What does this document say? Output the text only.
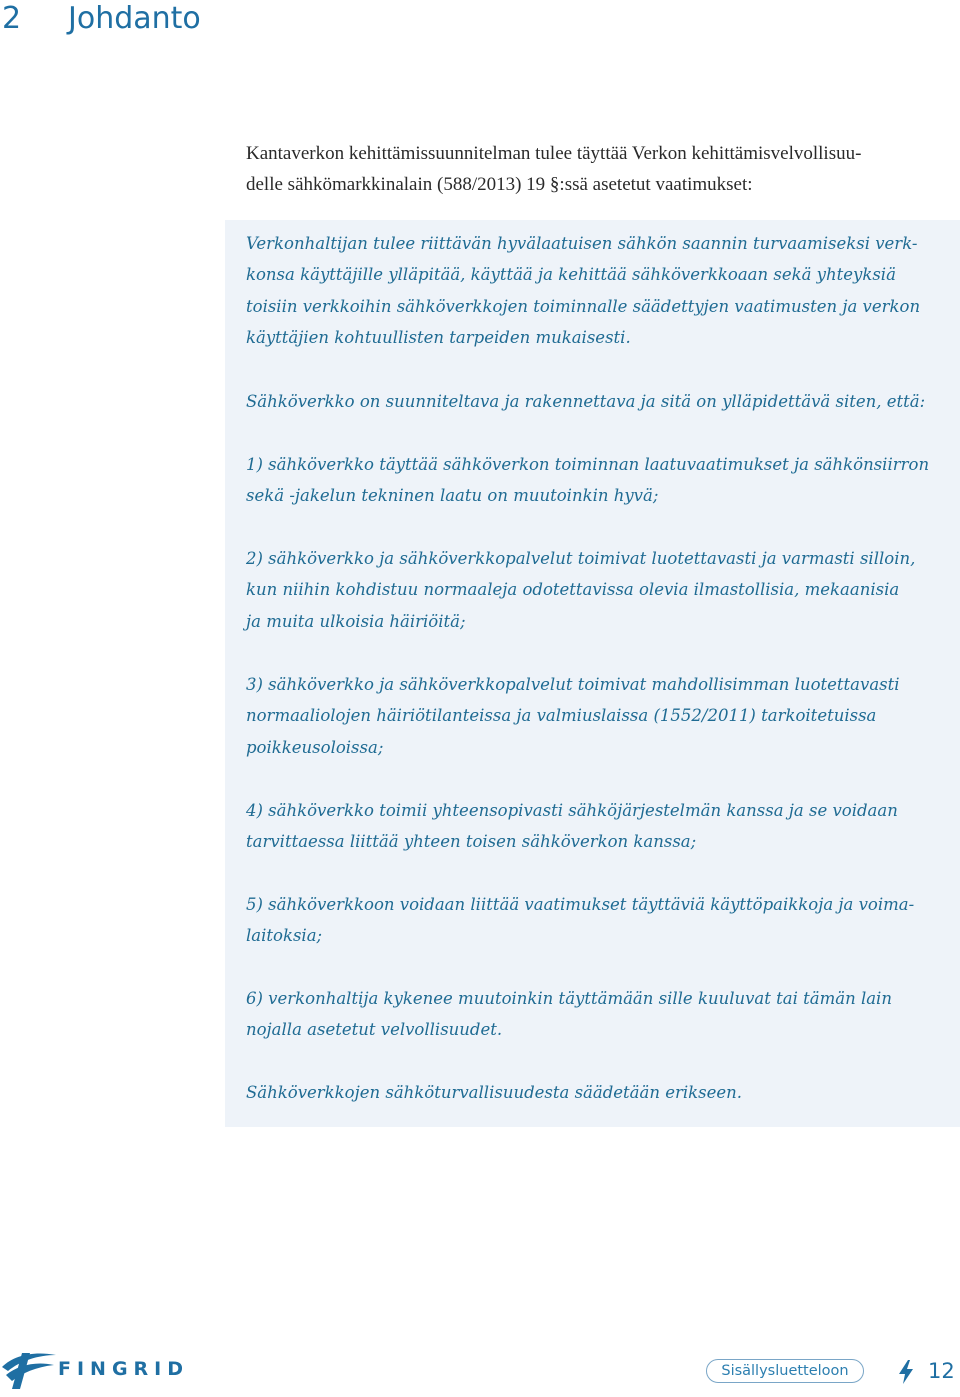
2 Johdanto

Kantaverkon kehittämissuunnitelman tulee täyttää Verkon kehittämisvelvollisuu-
delle sähkömarkkinalain (588/2013) 19 §:ssä asetetut vaatimukset:

Verkonhaltijan tulee riittävän hyvälaatuisen sähkön saannin turvaamiseksi verk-
konsa käyttäjille ylläpitää, käyttää ja kehittää sähköverkkoaan sekä yhteyksiä
toisiin verkkoihin sähköverkkojen toiminnalle säädettyjen vaatimusten ja verkon
käyttäjien kohtuullisten tarpeiden mukaisesti.

Sähköverkko on suunniteltava ja rakennettava ja sitä on ylläpidettävä siten, että:

1) sähköverkko täyttää sähköverkon toiminnan laatuvaatimukset ja sähkönsiirron
sekä -jakelun tekninen laatu on muutoinkin hyvä;

2) sähköverkko ja sähköverkkopalvelut toimivat luotettavasti ja varmasti silloin,
kun niihin kohdistuu normaaleja odotettavissa olevia ilmastollisia, mekaanisia
ja muita ulkoisia häiriöitä;

3) sähköverkko ja sähköverkkopalvelut toimivat mahdollisimman luotettavasti
normaaliolojen häiriötilanteissa ja valmiuslaissa (1552/2011) tarkoitetuissa
poikkeusoloissa;

4) sähköverkko toimii yhteensopivasti sähköjärjestelmän kanssa ja se voidaan
tarvittaessa liittää yhteen toisen sähköverkon kanssa;

5) sähköverkkoon voidaan liittää vaatimukset täyttäviä käyttöpaikkoja ja voima-
laitoksia;

6) verkonhaltija kykenee muutoinkin täyttämään sille kuuluvat tai tämän lain
nojalla asetetut velvollisuudet.

Sähköverkkojen sähköturvallisuudesta säädetään erikseen.

FINGRID	Sisällysluetteloon	12
